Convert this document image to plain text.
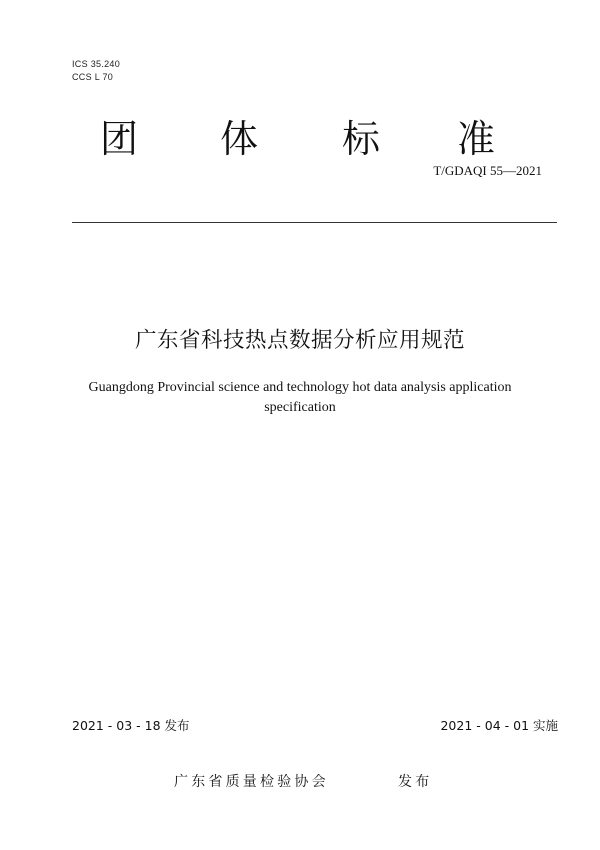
ICS 35.240
CCS L 70
团 体 标 准
T/GDAQI 55—2021
广东省科技热点数据分析应用规范
Guangdong Provincial science and technology hot data analysis application specification
2021 - 03 - 18 发布	2021 - 04 - 01 实施
广东省质量检验协会	发布
